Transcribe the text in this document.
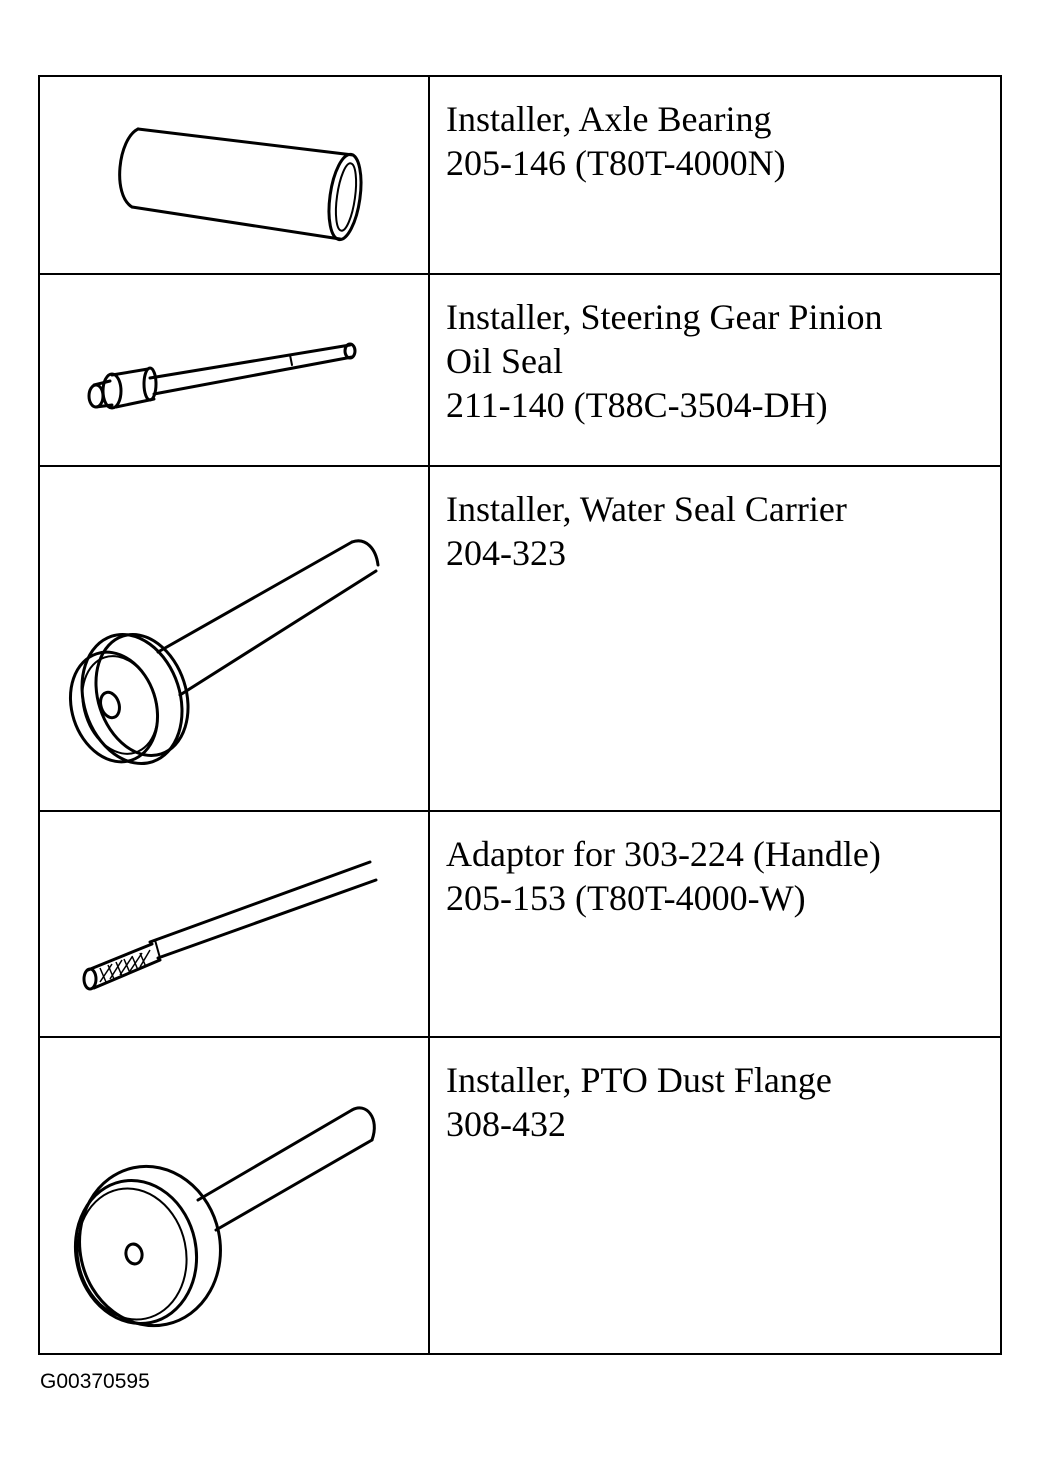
Installer, Axle Bearing
205-146 (T80T-4000N)

Installer, Steering Gear Pinion
Oil Seal
211-140 (T88C-3504-DH)

Installer, Water Seal Carrier
204-323

Adaptor for 303-224 (Handle)
205-153 (T80T-4000-W)

Installer, PTO Dust Flange
308-432
G00370595
